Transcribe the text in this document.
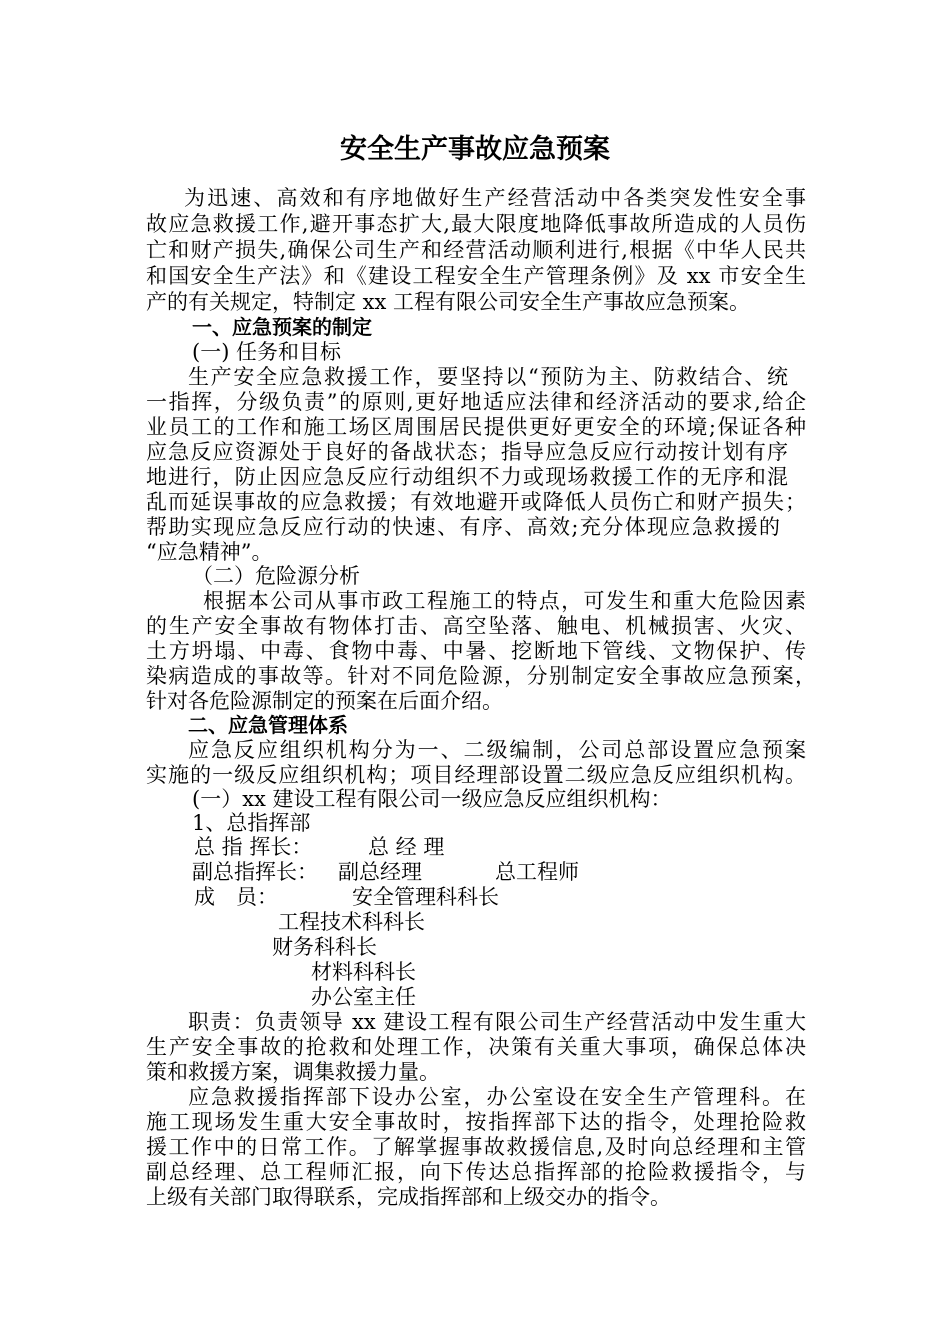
安全生产事故应急预案
为迅速、高效和有序地做好生产经营活动中各类突发性安全事
故应急救援工作,避开事态扩大,最大限度地降低事故所造成的人员伤
亡和财产损失,确保公司生产和经营活动顺利进行,根据《中华人民共
和国安全生产法》和《建设工程安全生产管理条例》及 xx 市安全生
产的有关规定，特制定 xx 工程有限公司安全生产事故应急预案。
一、应急预案的制定
(一) 任务和目标
生产安全应急救援工作，要坚持以“预防为主、防救结合、统
一指挥，分级负责”的原则,更好地适应法律和经济活动的要求,给企
业员工的工作和施工场区周围居民提供更好更安全的环境;保证各种
应急反应资源处于良好的备战状态；指导应急反应行动按计划有序
地进行，防止因应急反应行动组织不力或现场救援工作的无序和混
乱而延误事故的应急救援；有效地避开或降低人员伤亡和财产损失；
帮助实现应急反应行动的快速、有序、高效;充分体现应急救援的
“应急精神”。
（二）危险源分析
根据本公司从事市政工程施工的特点，可发生和重大危险因素
的生产安全事故有物体打击、高空坠落、触电、机械损害、火灾、
土方坍塌、中毒、食物中毒、中暑、挖断地下管线、文物保护、传
染病造成的事故等。针对不同危险源，分别制定安全事故应急预案，
针对各危险源制定的预案在后面介绍。
二、应急管理体系
应急反应组织机构分为一、二级编制，公司总部设置应急预案
实施的一级反应组织机构；项目经理部设置二级应急反应组织机构。
(一）xx 建设工程有限公司一级应急反应组织机构：
1、总指挥部
总 指 挥长：	总 经 理
副总指挥长： 副总经理	总工程师
成　员：	安全管理科科长
工程技术科科长
财务科科长
材料科科长
办公室主任
职责：负责领导 xx 建设工程有限公司生产经营活动中发生重大
生产安全事故的抢救和处理工作，决策有关重大事项，确保总体决
策和救援方案，调集救援力量。
应急救援指挥部下设办公室，办公室设在安全生产管理科。在
施工现场发生重大安全事故时，按指挥部下达的指令，处理抢险救
援工作中的日常工作。了解掌握事故救援信息,及时向总经理和主管
副总经理、总工程师汇报，向下传达总指挥部的抢险救援指令，与
上级有关部门取得联系，完成指挥部和上级交办的指令。
